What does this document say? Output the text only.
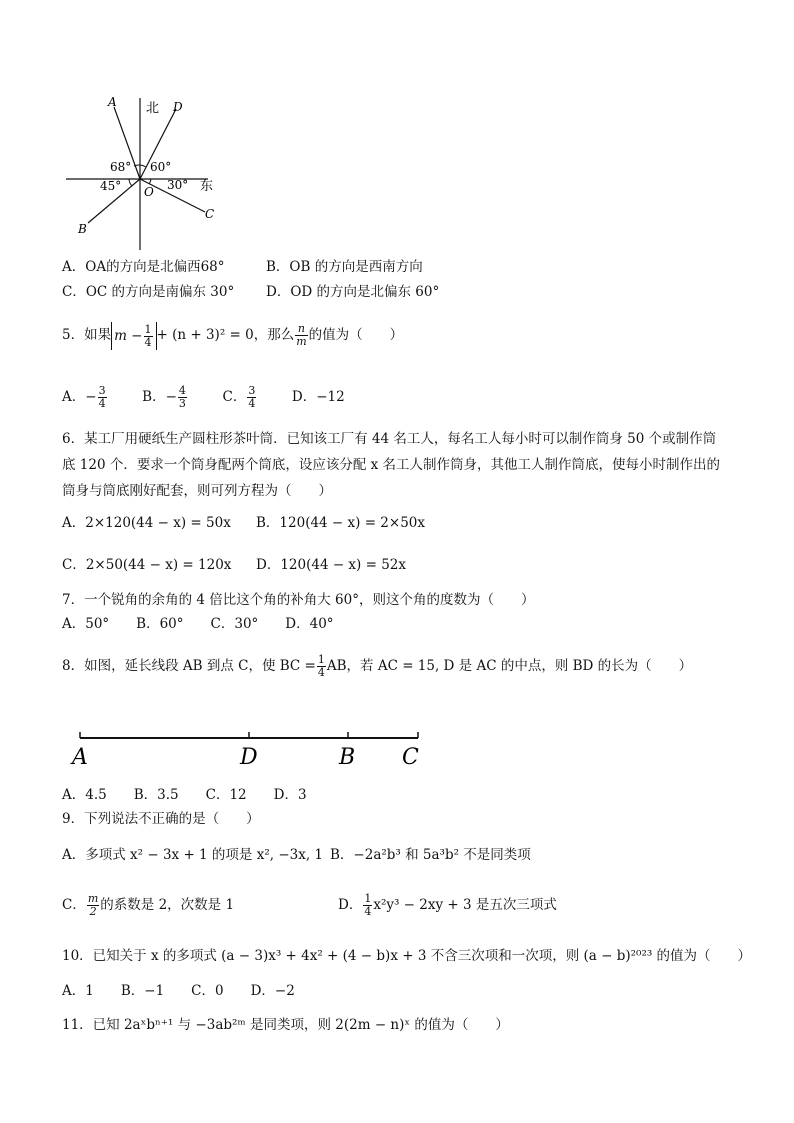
A 北 D
68° 60°
45° O 30° 东
B
C
A．OA的方向是北偏西68°	B．OB 的方向是西南方向
C．OC 的方向是南偏东 30° D．OD 的方向是北偏东 60°
5．如果 $m - \frac{1}{4} + (n + 3)^2 = 0$，那么 $\frac{n}{m}$ 的值为（　　）
A．− $\frac{3}{4}$	B．− $\frac{4}{3}$	C． $\frac{3}{4}$	D．−12
6．某工厂用硬纸生产圆柱形茶叶筒．已知该工厂有 44 名工人，每名工人每小时可以制作筒身 50 个或制作筒
底 120 个．要求一个筒身配两个筒底，设应该分配 x 名工人制作筒身，其他工人制作筒底，使每小时制作出的
筒身与筒底刚好配套，则可列方程为（　　）
A．2×120(44 − x) = 50x B．120(44 − x) = 2×50x
C．2×50(44 − x) = 120x D．120(44 − x) = 52x
7．一个锐角的余角的 4 倍比这个角的补角大 60°，则这个角的度数为（　　）
A．50°　　B．60°　　C．30°　　D．40°
8．如图，延长线段 AB 到点 C，使 BC = $\frac{1}{4}$ AB，若 AC = 15, D 是 AC 的中点，则 BD 的长为（　　）
A	D	B C
A．4.5　　B．3.5　　C．12　　D．3
9．下列说法不正确的是（　　）
A．多项式 x² − 3x + 1 的项是 x², −3x, 1 B．−2a²b³ 和 5a³b² 不是同类项
C． $\frac{m}{2}$ 的系数是 2，次数是 1	D． $\frac{1}{4} x^2y^3 - 2xy + 3$ 是五次三项式
10．已知关于 x 的多项式 (a − 3)x³ + 4x² + (4 − b)x + 3 不含三次项和一次项，则 (a − b)²⁰²³ 的值为（　　）
A．1　　B．−1　　C．0　　D．−2
11．已知 2aˣbⁿ⁺¹ 与 −3ab²ᵐ 是同类项，则 2(2m − n)ˣ 的值为（　　）
